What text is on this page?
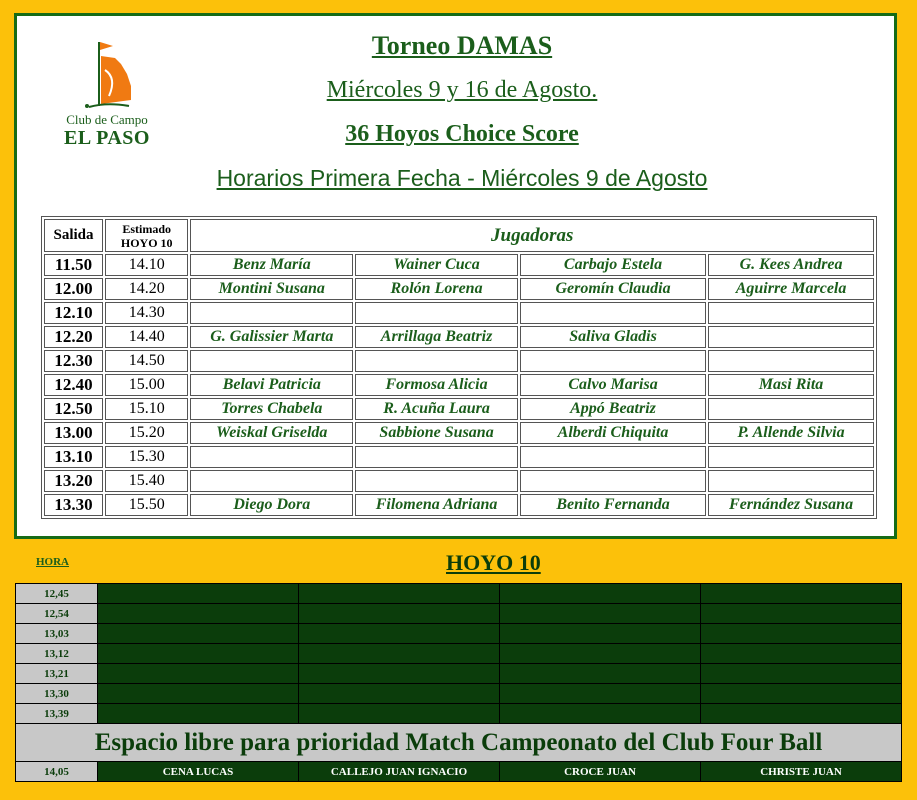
Club de Campo
EL PASO
Torneo DAMAS
Miércoles 9 y 16 de Agosto.
36 Hoyos Choice Score
Horarios Primera Fecha - Miércoles 9 de Agosto
Salida	Estimado
HOYO 10	Jugadoras			
11.50	14.10	Benz María	Wainer Cuca	Carbajo Estela	G. Kees Andrea
12.00	14.20	Montini Susana	Rolón Lorena	Geromín Claudia	Aguirre Marcela
12.10	14.30				
12.20	14.40	G. Galissier Marta	Arrillaga Beatriz	Saliva Gladis	
12.30	14.50				
12.40	15.00	Belavi Patricia	Formosa Alicia	Calvo Marisa	Masi Rita
12.50	15.10	Torres Chabela	R. Acuña Laura	Appó Beatriz	
13.00	15.20	Weiskal Griselda	Sabbione Susana	Alberdi Chiquita	P. Allende Silvia
13.10	15.30				
13.20	15.40				
13.30	15.50	Diego Dora	Filomena Adriana	Benito Fernanda	Fernández Susana
HORA	HOYO 10
12,45				
12,54				
13,03				
13,12				
13,21				
13,30				
13,39				
Espacio libre para prioridad Match Campeonato del Club Four Ball				
14,05	CENA LUCAS	CALLEJO JUAN IGNACIO	CROCE JUAN	CHRISTE JUAN
